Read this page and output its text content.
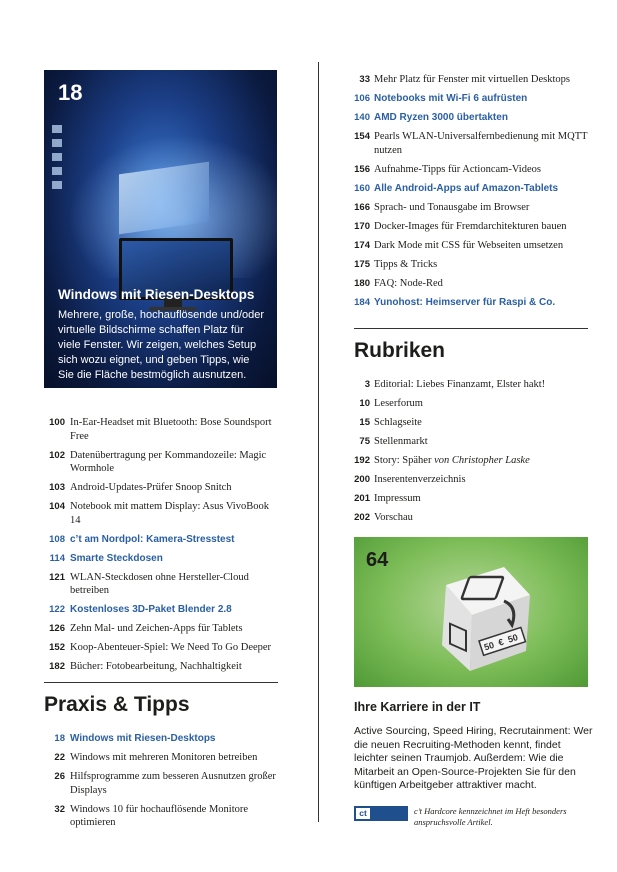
18
Windows mit Riesen-Desktops
Mehrere, große, hochauflösende und/oder virtuelle Bildschirme schaffen Platz für viele Fenster. Wir zeigen, welches Setup sich wozu eignet, und geben Tipps, wie Sie die Fläche bestmöglich ausnutzen.
100 In-Ear-Headset mit Bluetooth: Bose Soundsport Free
102 Datenübertragung per Kommandozeile: Magic Wormhole
103 Android-Updates-Prüfer Snoop Snitch
104 Notebook mit mattem Display: Asus VivoBook 14
108 c’t am Nordpol: Kamera-Stresstest
114 Smarte Steckdosen
121 WLAN-Steckdosen ohne Hersteller-Cloud betreiben
122 Kostenloses 3D-Paket Blender 2.8
126 Zehn Mal- und Zeichen-Apps für Tablets
152 Koop-Abenteuer-Spiel: We Need To Go Deeper
182 Bücher: Fotobearbeitung, Nachhaltigkeit
Praxis & Tipps
18 Windows mit Riesen-Desktops
22 Windows mit mehreren Monitoren betreiben
26 Hilfsprogramme zum besseren Ausnutzen großer Displays
32 Windows 10 für hochauflösende Monitore optimieren
33 Mehr Platz für Fenster mit virtuellen Desktops
106 Notebooks mit Wi-Fi 6 aufrüsten
140 AMD Ryzen 3000 übertakten
154 Pearls WLAN-Universalfernbedienung mit MQTT nutzen
156 Aufnahme-Tipps für Actioncam-Videos
160 Alle Android-Apps auf Amazon-Tablets
166 Sprach- und Tonausgabe im Browser
170 Docker-Images für Fremdarchitekturen bauen
174 Dark Mode mit CSS für Webseiten umsetzen
175 Tipps & Tricks
180 FAQ: Node-Red
184 Yunohost: Heimserver für Raspi & Co.
Rubriken
3 Editorial: Liebes Finanzamt, Elster hakt!
10 Leserforum
15 Schlagseite
75 Stellenmarkt
192 Story: Späher von Christopher Laske
200 Inserentenverzeichnis
201 Impressum
202 Vorschau
64
50 € 50
Ihre Karriere in der IT
Active Sourcing, Speed Hiring, Recrutainment: Wer die neuen Recruiting-Methoden kennt, findet leichter seinen Traumjob. Außerdem: Wie die Mitarbeit an Open-Source-Projekten Sie für den künftigen Arbeitgeber attraktiver macht.
ctHardcore
c’t Hardcore kennzeichnet im Heft besonders anspruchsvolle Artikel.
